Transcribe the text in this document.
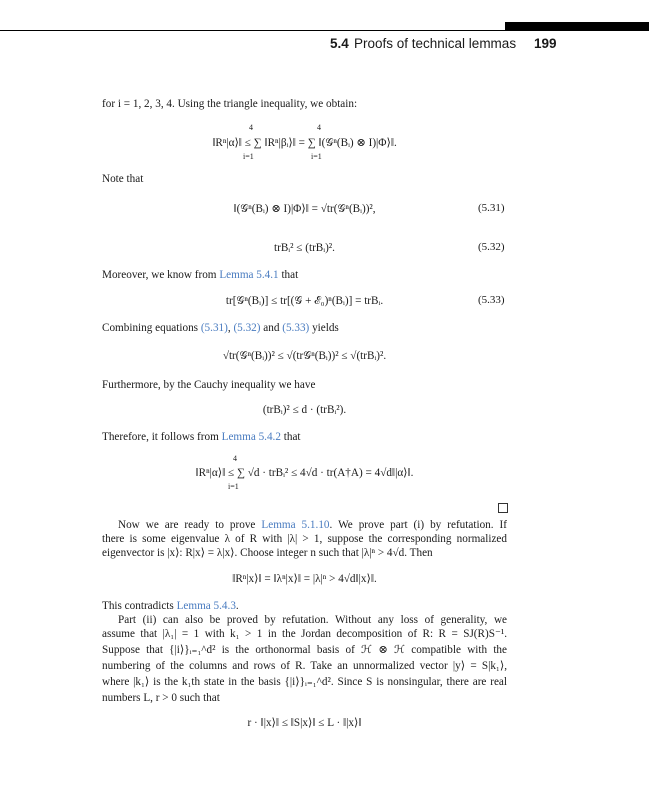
5.4 Proofs of technical lemmas 199
for i = 1, 2, 3, 4. Using the triangle inequality, we obtain:
4	4
‖Rⁿ|α⟩‖ ≤ ∑ ‖Rⁿ|βᵢ⟩‖ = ∑ ‖(𝒢ⁿ(Bᵢ) ⊗ I)|Φ⟩‖.
i=1	i=1
Note that
‖(𝒢ⁿ(Bᵢ) ⊗ I)|Φ⟩‖ = √tr(𝒢ⁿ(Bᵢ))²,	(5.31)
trBᵢ² ≤ (trBᵢ)².	(5.32)
Moreover, we know from Lemma 5.4.1 that
tr[𝒢ⁿ(Bᵢ)] ≤ tr[(𝒢 + ℰ₀)ⁿ(Bᵢ)] = trBᵢ.	(5.33)
Combining equations (5.31), (5.32) and (5.33) yields
√tr(𝒢ⁿ(Bᵢ))² ≤ √(tr𝒢ⁿ(Bᵢ))² ≤ √(trBᵢ)².
Furthermore, by the Cauchy inequality we have
(trBᵢ)² ≤ d · (trBᵢ²).
Therefore, it follows from Lemma 5.4.2 that
4
‖Rⁿ|α⟩‖ ≤ ∑ √d · trBᵢ² ≤ 4√d · tr(A†A) = 4√d‖|α⟩‖.
i=1
Now we are ready to prove Lemma 5.1.10. We prove part (i) by refutation. If
there is some eigenvalue λ of R with |λ| > 1, suppose the corresponding normalized
eigenvector is |x⟩: R|x⟩ = λ|x⟩. Choose integer n such that |λ|ⁿ > 4√d. Then
‖Rⁿ|x⟩‖ = ‖λⁿ|x⟩‖ = |λ|ⁿ > 4√d‖|x⟩‖.
This contradicts Lemma 5.4.3.
Part (ii) can also be proved by refutation. Without any loss of generality, we
assume that |λ₁| = 1 with k₁ > 1 in the Jordan decomposition of R: R = SJ(R)S⁻¹.
Suppose that {|i⟩}ᵢ₌₁^d² is the orthonormal basis of ℋ ⊗ ℋ compatible with the
numbering of the columns and rows of R. Take an unnormalized vector |y⟩ = S|k₁⟩,
where |k₁⟩ is the k₁th state in the basis {|i⟩}ᵢ₌₁^d². Since S is nonsingular, there are real
numbers L, r > 0 such that
r · ‖|x⟩‖ ≤ ‖S|x⟩‖ ≤ L · ‖|x⟩‖
